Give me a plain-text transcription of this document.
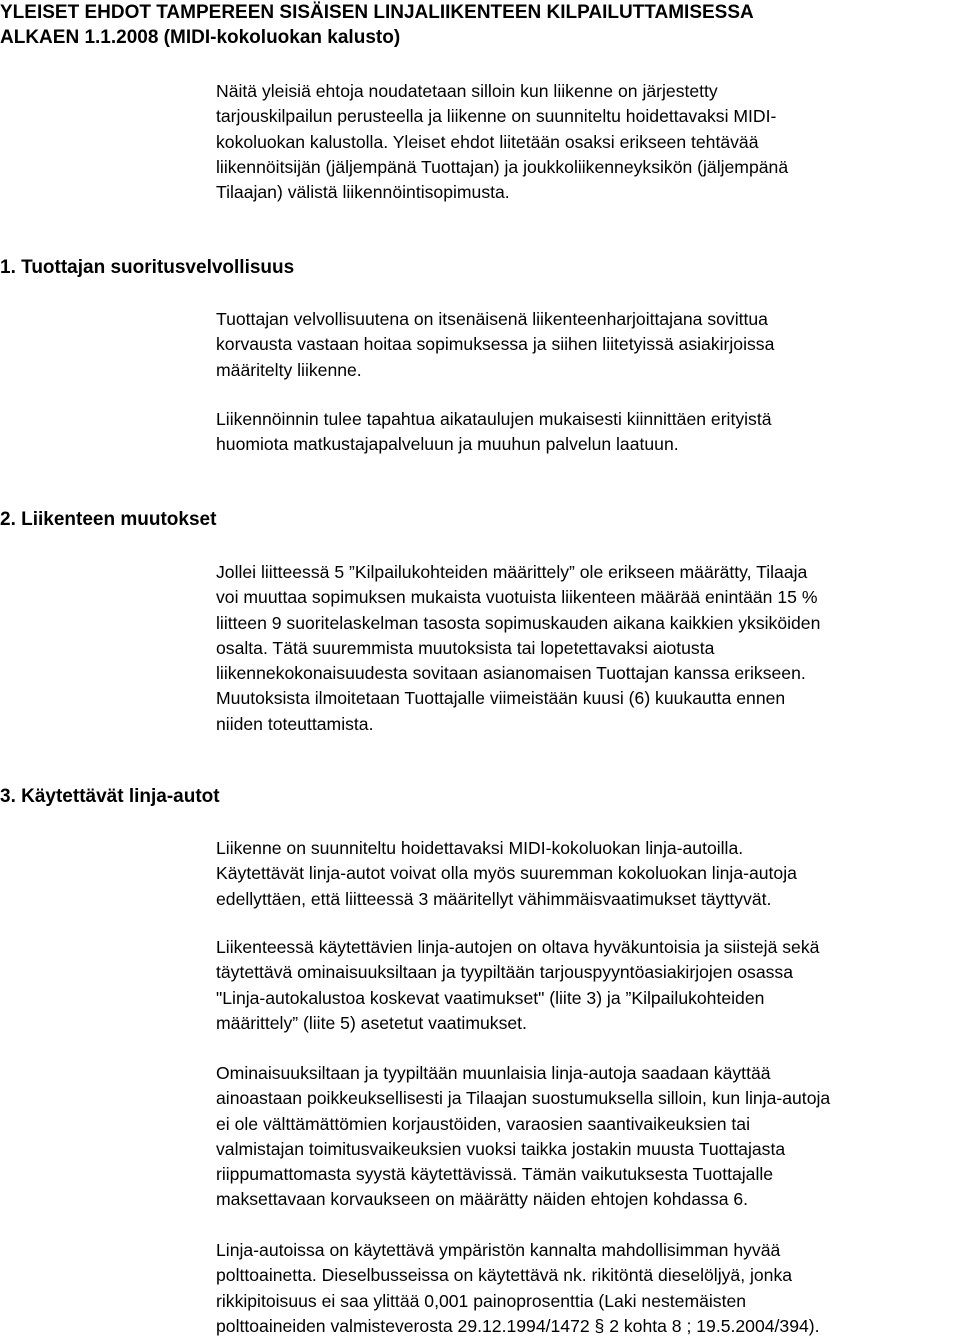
YLEISET EHDOT TAMPEREEN SISÄISEN LINJALIIKENTEEN KILPAILUTTAMISESSA
ALKAEN 1.1.2008 (MIDI-kokoluokan kalusto)

Näitä yleisiä ehtoja noudatetaan silloin kun liikenne on järjestetty
tarjouskilpailun perusteella ja liikenne on suunniteltu hoidettavaksi MIDI-
kokoluokan kalustolla. Yleiset ehdot liitetään osaksi erikseen tehtävää
liikennöitsijän (jäljempänä Tuottajan) ja joukkoliikenneyksikön (jäljempänä
Tilaajan) välistä liikennöintisopimusta.

1. Tuottajan suoritusvelvollisuus

Tuottajan velvollisuutena on itsenäisenä liikenteenharjoittajana sovittua
korvausta vastaan hoitaa sopimuksessa ja siihen liitetyissä asiakirjoissa
määritelty liikenne.

Liikennöinnin tulee tapahtua aikataulujen mukaisesti kiinnittäen erityistä
huomiota matkustajapalveluun ja muuhun palvelun laatuun.

2. Liikenteen muutokset

Jollei liitteessä 5 ”Kilpailukohteiden määrittely” ole erikseen määrätty, Tilaaja
voi muuttaa sopimuksen mukaista vuotuista liikenteen määrää enintään 15 %
liitteen 9 suoritelaskelman tasosta sopimuskauden aikana kaikkien yksiköiden
osalta. Tätä suuremmista muutoksista tai lopetettavaksi aiotusta
liikennekokonaisuudesta sovitaan asianomaisen Tuottajan kanssa erikseen.
Muutoksista ilmoitetaan Tuottajalle viimeistään kuusi (6) kuukautta ennen
niiden toteuttamista.

3. Käytettävät linja-autot

Liikenne on suunniteltu hoidettavaksi MIDI-kokoluokan linja-autoilla.
Käytettävät linja-autot voivat olla myös suuremman kokoluokan linja-autoja
edellyttäen, että liitteessä 3 määritellyt vähimmäisvaatimukset täyttyvät.

Liikenteessä käytettävien linja-autojen on oltava hyväkuntoisia ja siistejä sekä
täytettävä ominaisuuksiltaan ja tyypiltään tarjouspyyntöasiakirjojen osassa
"Linja-autokalustoa koskevat vaatimukset" (liite 3) ja ”Kilpailukohteiden
määrittely” (liite 5) asetetut vaatimukset.

Ominaisuuksiltaan ja tyypiltään muunlaisia linja-autoja saadaan käyttää
ainoastaan poikkeuksellisesti ja Tilaajan suostumuksella silloin, kun linja-autoja
ei ole välttämättömien korjaustöiden, varaosien saantivaikeuksien tai
valmistajan toimitusvaikeuksien vuoksi taikka jostakin muusta Tuottajasta
riippumattomasta syystä käytettävissä. Tämän vaikutuksesta Tuottajalle
maksettavaan korvaukseen on määrätty näiden ehtojen kohdassa 6.

Linja-autoissa on käytettävä ympäristön kannalta mahdollisimman hyvää
polttoainetta. Dieselbusseissa on käytettävä nk. rikitöntä dieselöljyä, jonka
rikkipitoisuus ei saa ylittää 0,001 painoprosenttia (Laki nestemäisten
polttoaineiden valmisteverosta 29.12.1994/1472 § 2 kohta 8 ; 19.5.2004/394).
